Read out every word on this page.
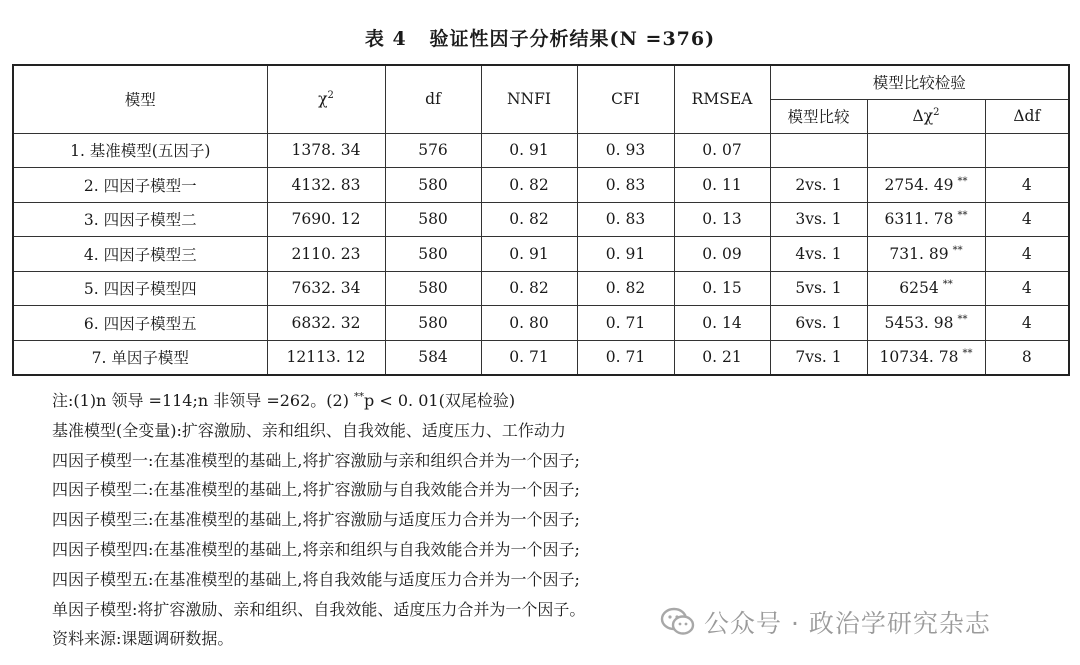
表 4   验证性因子分析结果(N =376)
模型	$\chi^2$	df	NNFI	CFI	RMSEA	模型比较检验		
						模型比较	$\Delta\chi^2$	Δdf
1. 基准模型(五因子)	1378. 34	576	0. 91	0. 93	0. 07			
2. 四因子模型一	4132. 83	580	0. 82	0. 83	0. 11	2vs. 1	2754. 49 **	4
3. 四因子模型二	7690. 12	580	0. 82	0. 83	0. 13	3vs. 1	6311. 78 **	4
4. 四因子模型三	2110. 23	580	0. 91	0. 91	0. 09	4vs. 1	731. 89 **	4
5. 四因子模型四	7632. 34	580	0. 82	0. 82	0. 15	5vs. 1	6254 **	4
6. 四因子模型五	6832. 32	580	0. 80	0. 71	0. 14	6vs. 1	5453. 98 **	4
7. 单因子模型	12113. 12	584	0. 71	0. 71	0. 21	7vs. 1	10734. 78 **	8
注:(1)n 领导 =114;n 非领导 =262。(2) **p < 0. 01(双尾检验)
基准模型(全变量):扩容激励、亲和组织、自我效能、适度压力、工作动力
四因子模型一:在基准模型的基础上,将扩容激励与亲和组织合并为一个因子;
四因子模型二:在基准模型的基础上,将扩容激励与自我效能合并为一个因子;
四因子模型三:在基准模型的基础上,将扩容激励与适度压力合并为一个因子;
四因子模型四:在基准模型的基础上,将亲和组织与自我效能合并为一个因子;
四因子模型五:在基准模型的基础上,将自我效能与适度压力合并为一个因子;
单因子模型:将扩容激励、亲和组织、自我效能、适度压力合并为一个因子。
资料来源:课题调研数据。
公众号 · 政治学研究杂志
